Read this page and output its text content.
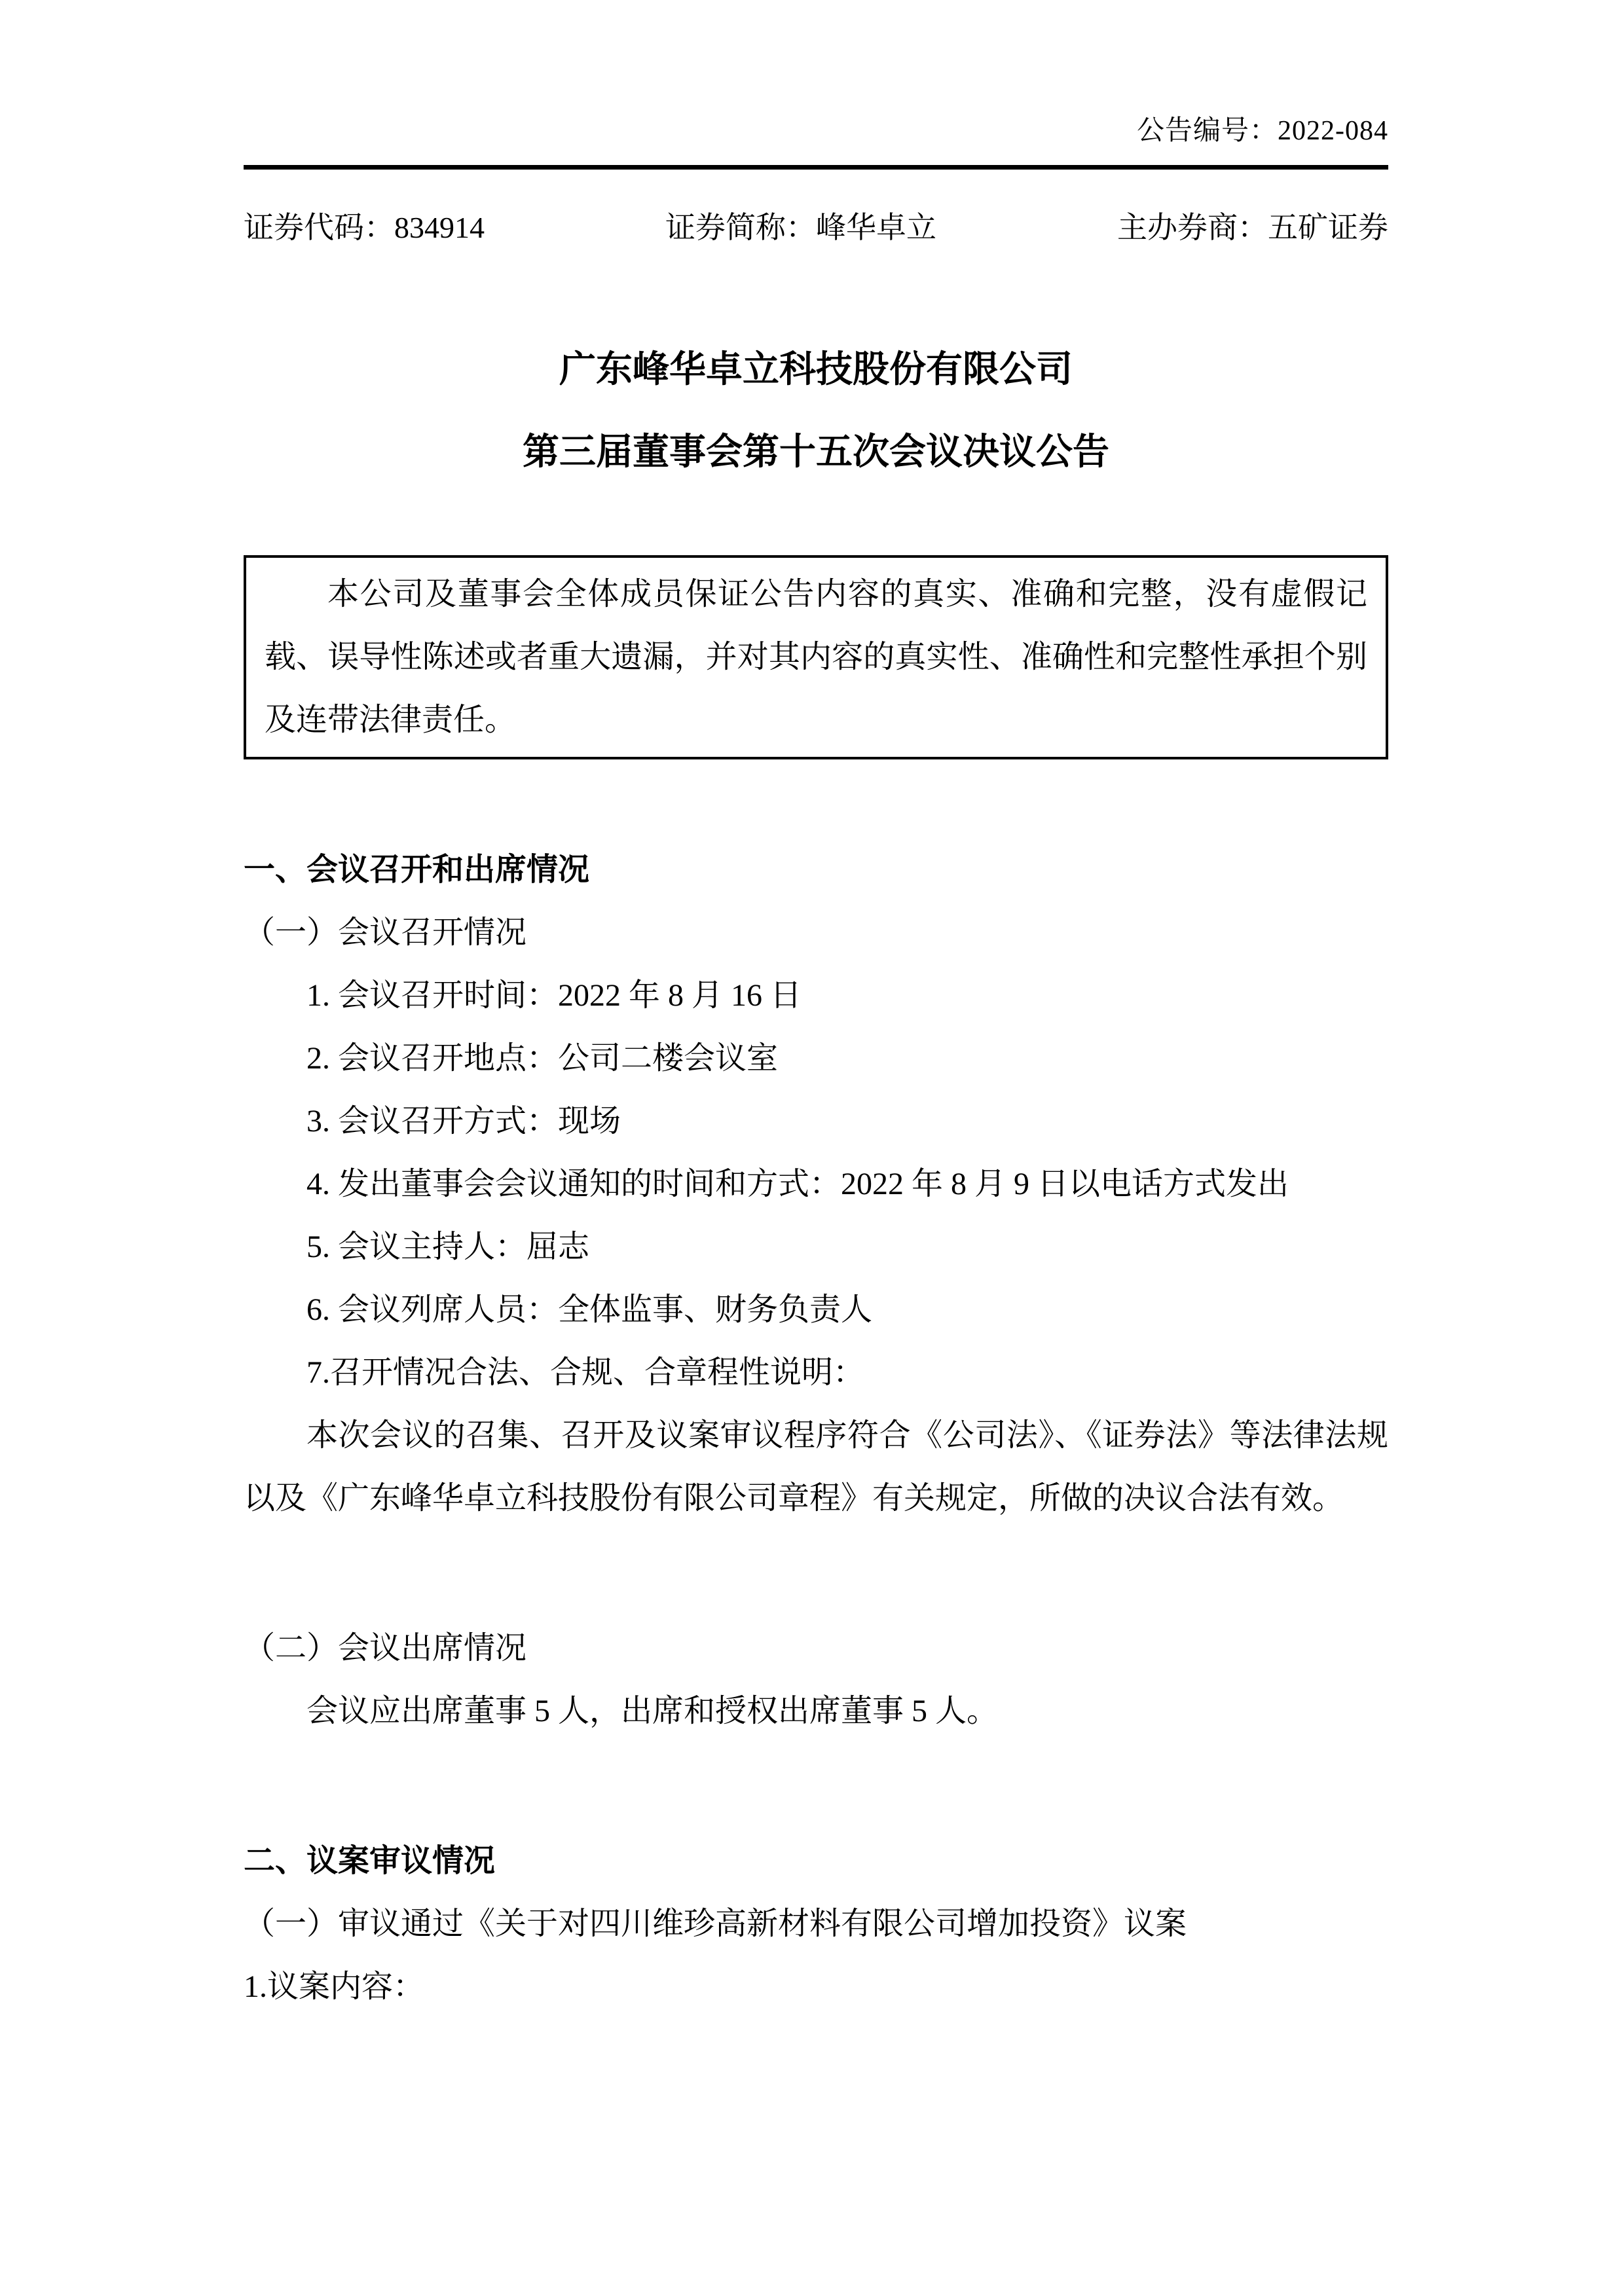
公告编号：2022-084
证券代码：834914	证券简称：峰华卓立	主办券商：五矿证券
广东峰华卓立科技股份有限公司
第三届董事会第十五次会议决议公告

本公司及董事会全体成员保证公告内容的真实、准确和完整，没有虚假记载、误导性陈述或者重大遗漏，并对其内容的真实性、准确性和完整性承担个别及连带法律责任。

一、会议召开和出席情况

（一）会议召开情况

1. 会议召开时间：2022 年 8 月 16 日

2. 会议召开地点：公司二楼会议室

3. 会议召开方式：现场

4. 发出董事会会议通知的时间和方式：2022 年 8 月 9 日以电话方式发出

5. 会议主持人：屈志

6. 会议列席人员：全体监事、财务负责人

7.召开情况合法、合规、合章程性说明：

本次会议的召集、召开及议案审议程序符合《公司法》、《证券法》等法律法规以及《广东峰华卓立科技股份有限公司章程》有关规定，所做的决议合法有效。

（二）会议出席情况

会议应出席董事 5 人，出席和授权出席董事 5 人。

二、议案审议情况

（一）审议通过《关于对四川维珍高新材料有限公司增加投资》议案

1.议案内容：
